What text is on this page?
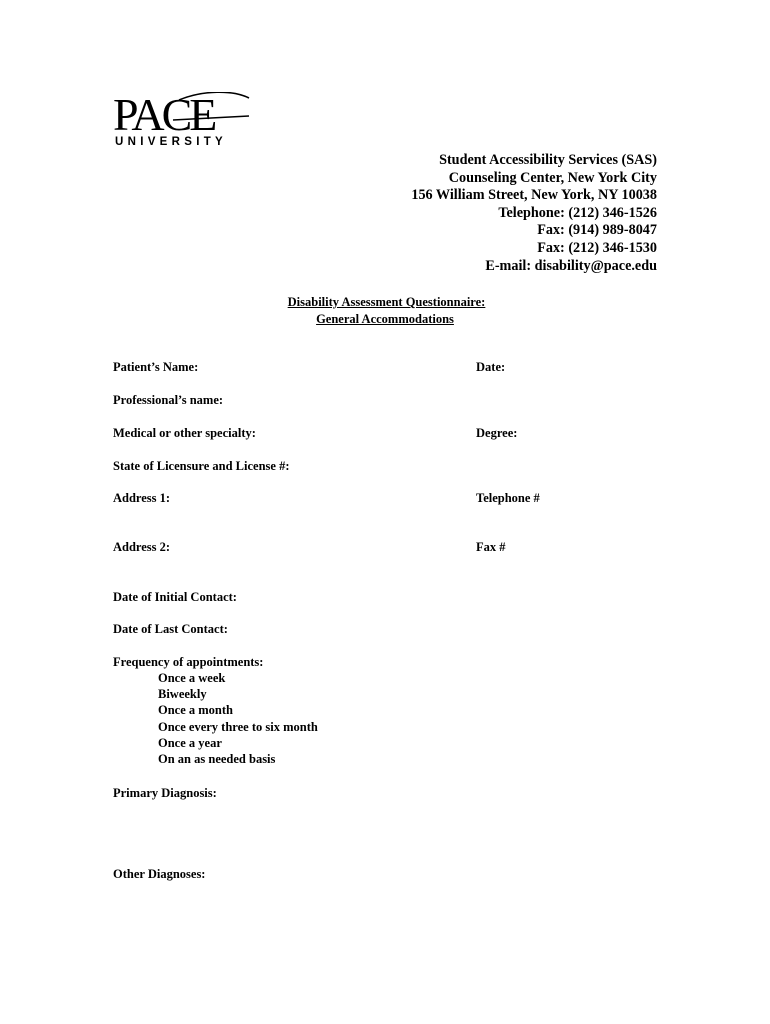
PACE
UNIVERSITY
Student Accessibility Services (SAS)
Counseling Center, New York City
156 William Street, New York, NY 10038
Telephone: (212) 346-1526
Fax: (914) 989-8047
Fax: (212) 346-1530
E-mail: disability@pace.edu
Disability Assessment Questionnaire:
General Accommodations
Patient’s Name:	Date:
Professional’s name:
Medical or other specialty:	Degree:
State of Licensure and License #:
Address 1:	Telephone #
Address 2:	Fax #
Date of Initial Contact:
Date of Last Contact:
Frequency of appointments:
Once a week
Biweekly
Once a month
Once every three to six month
Once a year
On an as needed basis
Primary Diagnosis:
Other Diagnoses:
